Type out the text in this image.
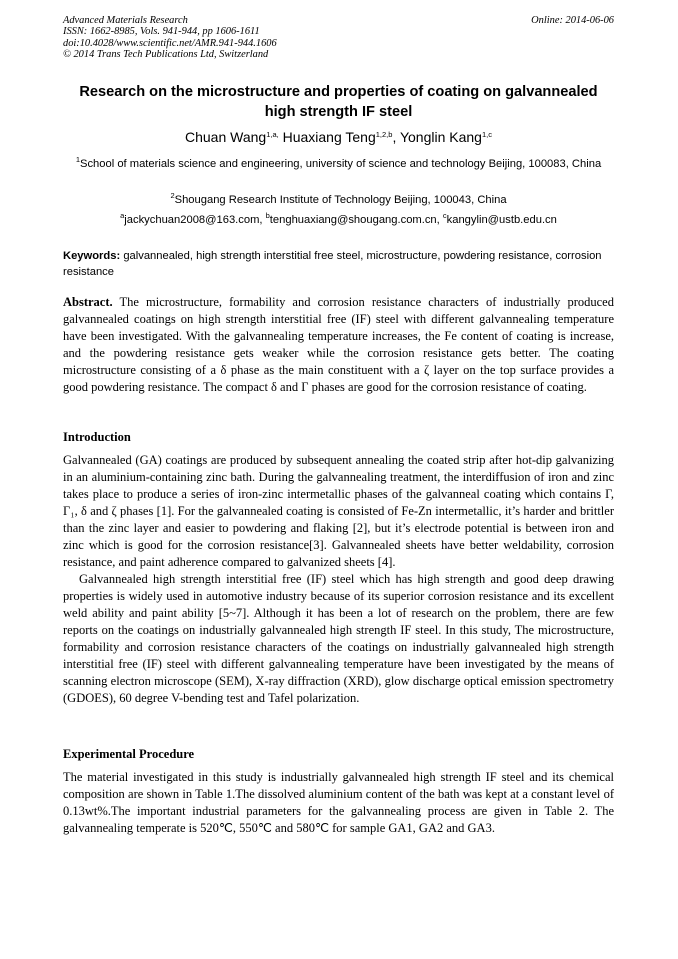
Advanced Materials Research
ISSN: 1662-8985, Vols. 941-944, pp 1606-1611
doi:10.4028/www.scientific.net/AMR.941-944.1606
© 2014 Trans Tech Publications Ltd, Switzerland
Online: 2014-06-06
Research on the microstructure and properties of coating on galvannealed high strength IF steel
Chuan Wang$^{1,a,}$ Huaxiang Teng$^{1,2,b}$, Yonglin Kang$^{1,c}$
$^1$School of materials science and engineering, university of science and technology Beijing, 100083, China
$^2$Shougang Research Institute of Technology Beijing, 100043, China
$^a$jackychuan2008@163.com, $^b$tenghuaxiang@shougang.com.cn, $^c$kangylin@ustb.edu.cn
Keywords: galvannealed, high strength interstitial free steel, microstructure, powdering resistance, corrosion resistance
Abstract. The microstructure, formability and corrosion resistance characters of industrially produced galvannealed coatings on high strength interstitial free (IF) steel with different galvannealing temperature have been investigated. With the galvannealing temperature increases, the Fe content of coating is increase, and the powdering resistance gets weaker while the corrosion resistance gets better. The coating microstructure consisting of a δ phase as the main constituent with a ζ layer on the top surface provides a good powdering resistance. The compact δ and Γ phases are good for the corrosion resistance of coating.

Introduction

Galvannealed (GA) coatings are produced by subsequent annealing the coated strip after hot-dip galvanizing in an aluminium-containing zinc bath. During the galvannealing treatment, the interdiffusion of iron and zinc takes place to produce a series of iron-zinc intermetallic phases of the galvanneal coating which contains Γ, Γ₁, δ and ζ phases [1]. For the galvannealed coating is consisted of Fe-Zn intermetallic, it’s harder and brittler than the zinc layer and easier to powdering and flaking [2], but it’s electrode potential is between iron and zinc which is good for the corrosion resistance[3]. Galvannealed sheets have better weldability, corrosion resistance, and paint adherence compared to galvanized sheets [4].

Galvannealed high strength interstitial free (IF) steel which has high strength and good deep drawing properties is widely used in automotive industry because of its superior corrosion resistance and its excellent weld ability and paint ability [5~7]. Although it has been a lot of research on the problem, there are few reports on the coatings on industrially galvannealed high strength IF steel. In this study, The microstructure, formability and corrosion resistance characters of the coatings on industrially galvannealed high strength interstitial free (IF) steel with different galvannealing temperature have been investigated by the means of scanning electron microscope (SEM), X-ray diffraction (XRD), glow discharge optical emission spectrometry (GDOES), 60 degree V-bending test and Tafel polarization.

Experimental Procedure

The material investigated in this study is industrially galvannealed high strength IF steel and its chemical composition are shown in Table 1.The dissolved aluminium content of the bath was kept at a constant level of 0.13wt%.The important industrial parameters for the galvannealing process are given in Table 2. The galvannealing temperate is 520℃, 550℃ and 580℃ for sample GA1, GA2 and GA3.
